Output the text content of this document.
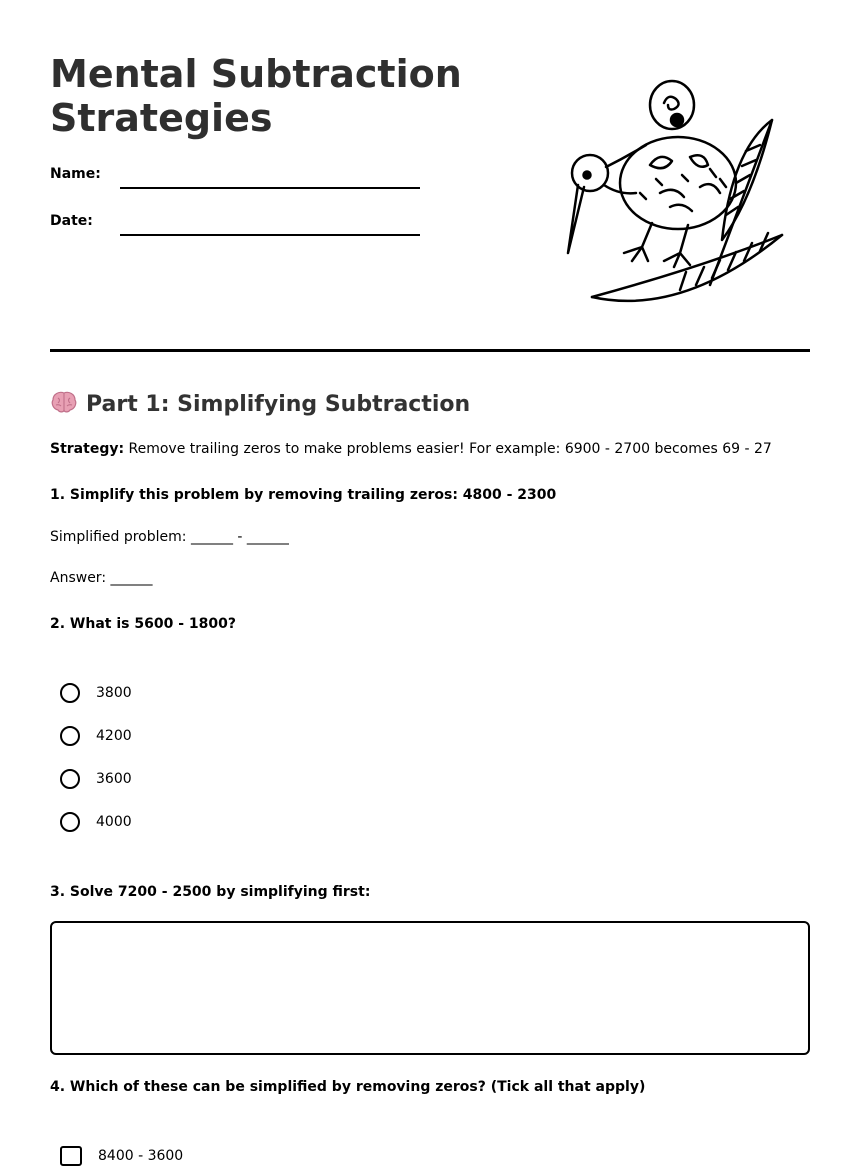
Mental Subtraction
Strategies
Name:
Date:
Part 1: Simplifying Subtraction
Strategy: Remove trailing zeros to make problems easier! For example: 6900 - 2700 becomes 69 - 27
1. Simplify this problem by removing trailing zeros: 4800 - 2300
Simplified problem: ______ - ______
Answer: ______
2. What is 5600 - 1800?
3800
4200
3600
4000
3. Solve 7200 - 2500 by simplifying first:
4. Which of these can be simplified by removing zeros? (Tick all that apply)
8400 - 3600
